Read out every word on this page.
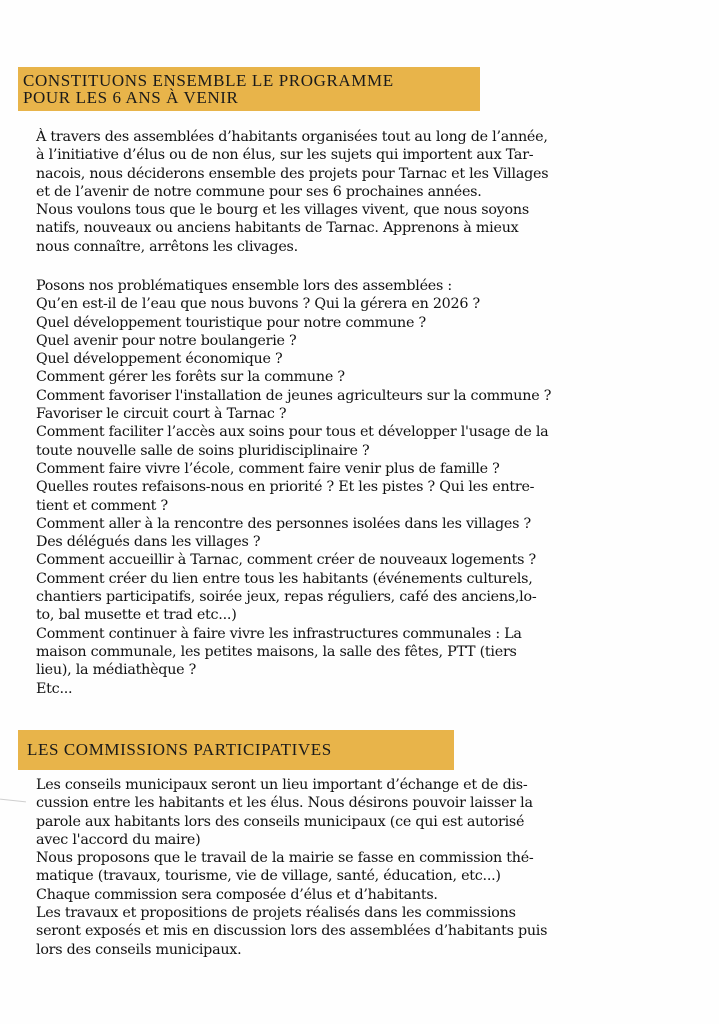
CONSTITUONS ENSEMBLE LE PROGRAMME
POUR LES 6 ANS À VENIR
À travers des assemblées d’habitants organisées tout au long de l’année,
à l’initiative d’élus ou de non élus, sur les sujets qui importent aux Tar-
nacois, nous déciderons ensemble des projets pour Tarnac et les Villages
et de l’avenir de notre commune pour ses 6 prochaines années.
Nous voulons tous que le bourg et les villages vivent, que nous soyons
natifs, nouveaux ou anciens habitants de Tarnac. Apprenons à mieux
nous connaître, arrêtons les clivages.
Posons nos problématiques ensemble lors des assemblées :
Qu’en est-il de l’eau que nous buvons ? Qui la gérera en 2026 ?
Quel développement touristique pour notre commune ?
Quel avenir pour notre boulangerie ?
Quel développement économique ?
Comment gérer les forêts sur la commune ?
Comment favoriser l'installation de jeunes agriculteurs sur la commune ?
Favoriser le circuit court à Tarnac ?
Comment faciliter l’accès aux soins pour tous et développer l'usage de la
toute nouvelle salle de soins pluridisciplinaire ?
Comment faire vivre l’école, comment faire venir plus de famille ?
Quelles routes refaisons-nous en priorité ? Et les pistes ? Qui les entre-
tient et comment ?
Comment aller à la rencontre des personnes isolées dans les villages ?
Des délégués dans les villages ?
Comment accueillir à Tarnac, comment créer de nouveaux logements ?
Comment créer du lien entre tous les habitants (événements culturels,
chantiers participatifs, soirée jeux, repas réguliers, café des anciens,lo-
to, bal musette et trad etc...)
Comment continuer à faire vivre les infrastructures communales : La
maison communale, les petites maisons, la salle des fêtes, PTT (tiers
lieu), la médiathèque ?
Etc...
LES COMMISSIONS PARTICIPATIVES
Les conseils municipaux seront un lieu important d’échange et de dis-
cussion entre les habitants et les élus. Nous désirons pouvoir laisser la
parole aux habitants lors des conseils municipaux (ce qui est autorisé
avec l'accord du maire)
Nous proposons que le travail de la mairie se fasse en commission thé-
matique (travaux, tourisme, vie de village, santé, éducation, etc...)
Chaque commission sera composée d’élus et d’habitants.
Les travaux et propositions de projets réalisés dans les commissions
seront exposés et mis en discussion lors des assemblées d’habitants puis
lors des conseils municipaux.
